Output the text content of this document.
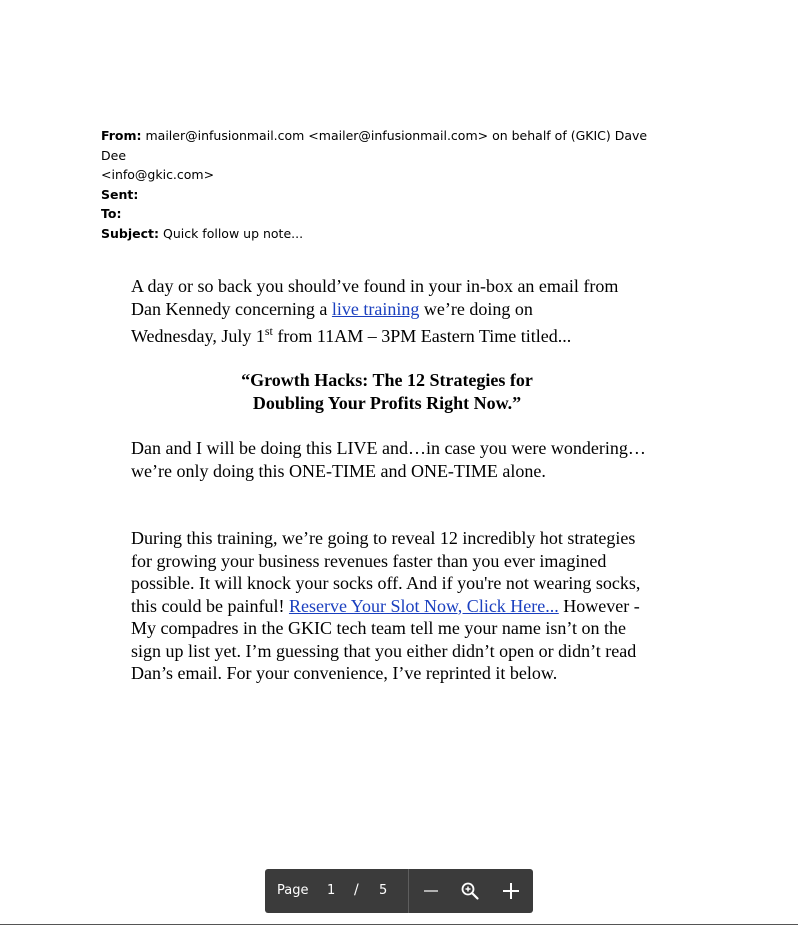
From: mailer@infusionmail.com <mailer@infusionmail.com> on behalf of (GKIC) Dave Dee
<info@gkic.com>
Sent:
To:
Subject: Quick follow up note...
A day or so back you should’ve found in your in-box an email from Dan Kennedy concerning a live training we’re doing on
Wednesday, July 1st from 11AM – 3PM Eastern Time titled...
“Growth Hacks: The 12 Strategies for
Doubling Your Profits Right Now.”
Dan and I will be doing this LIVE and…in case you were wondering… we’re only doing this ONE-TIME and ONE-TIME alone.
During this training, we’re going to reveal 12 incredibly hot strategies for growing your business revenues faster than you ever imagined possible. It will knock your socks off. And if you're not wearing socks, this could be painful! Reserve Your Slot Now, Click Here... However - My compadres in the GKIC tech team tell me your name isn’t on the sign up list yet. I’m guessing that you either didn’t open or didn’t read Dan’s email. For your convenience, I’ve reprinted it below.
Page 1 / 5
